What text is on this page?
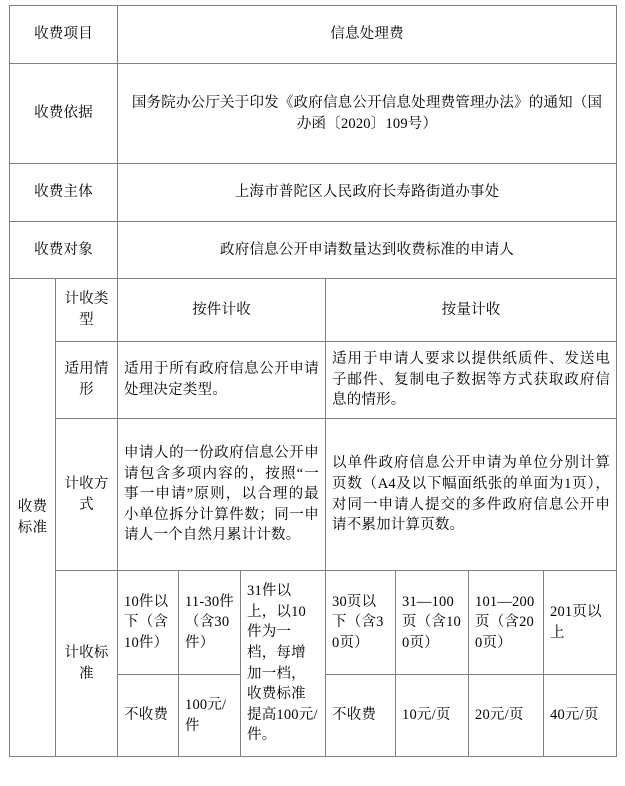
收费项目		信息处理费						
收费依据		国务院办公厅关于印发《政府信息公开信息处理费管理办法》的通知（国办函〔2020〕109号）						
收费主体		上海市普陀区人民政府长寿路街道办事处						
收费对象		政府信息公开申请数量达到收费标准的申请人						
收费标准	计收类型	按件计收			按量计收			
	适用情形	适用于所有政府信息公开申请处理决定类型。			适用于申请人要求以提供纸质件、发送电子邮件、复制电子数据等方式获取政府信息的情形。			
	计收方式	申请人的一份政府信息公开申请包含多项内容的，按照“一事一申请”原则，以合理的最小单位拆分计算件数；同一申请人一个自然月累计计数。			以单件政府信息公开申请为单位分别计算页数（A4及以下幅面纸张的单面为1页），对同一申请人提交的多件政府信息公开申请不累加计算页数。			
	计收标准	10件以下（含10件）	11-30件（含30件）	31件以上，以10件为一档，每增加一档，收费标准提高100元/件。	30页以下（含30页）	31—100页（含100页）	101—200页（含200页）	201页以上
		不收费	100元/件		不收费	10元/页	20元/页	40元/页
